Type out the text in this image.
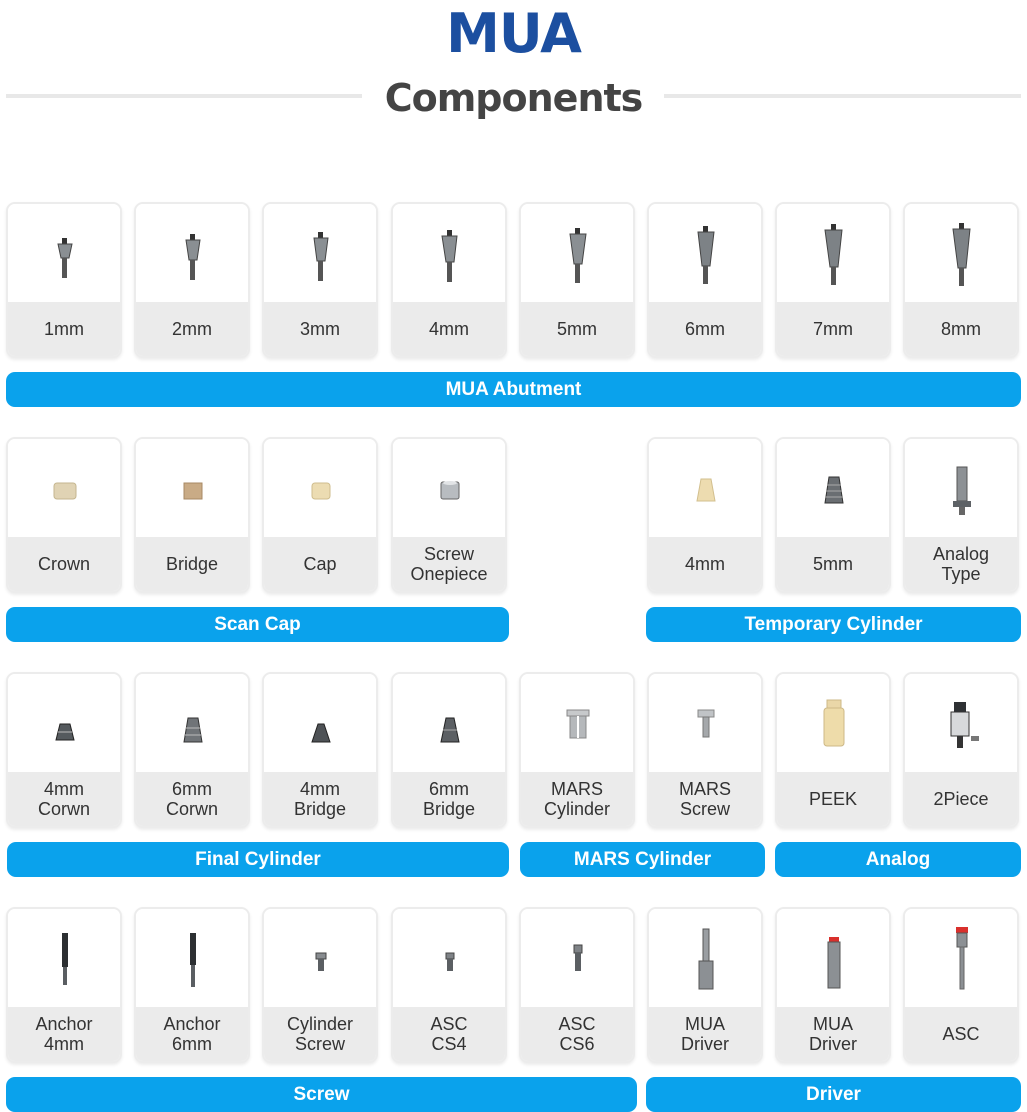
MUA
Components
1mm	2mm	3mm	4mm	5mm	6mm	7mm	8mm
MUA Abutment
Crown	Bridge	Cap	Screw
Onepiece	4mm	5mm	Analog
Type
Scan Cap	Temporary Cylinder
4mm
Corwn
6mm
Corwn
4mm
Bridge
6mm
Bridge
MARS
Cylinder
MARS
Screw	PEEK	2Piece
Final Cylinder	MARS Cylinder	Analog
Anchor
4mm
Anchor
6mm
Cylinder
Screw
ASC
CS4
ASC
CS6
MUA
Driver
MUA
Driver	ASC
Screw	Driver
